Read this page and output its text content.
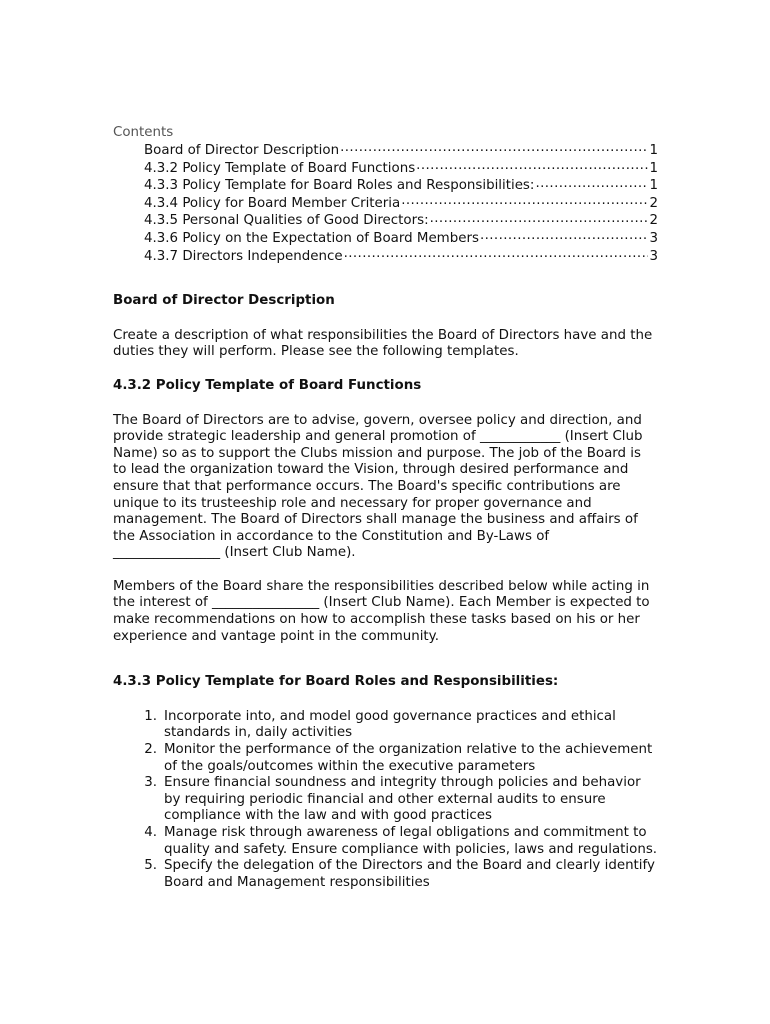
Contents

Board of Director Description .....	1
4.3.2 Policy Template of Board Functions .....	1
4.3.3 Policy Template for Board Roles and Responsibilities: .....	1
4.3.4 Policy for Board Member Criteria .....	2
4.3.5 Personal Qualities of Good Directors: .....	2
4.3.6 Policy on the Expectation of Board Members .....	3
4.3.7 Directors Independence .....	3

Board of Director Description

Create a description of what responsibilities the Board of Directors have and the duties they will perform. Please see the following templates.

4.3.2 Policy Template of Board Functions

The Board of Directors are to advise, govern, oversee policy and direction, and provide strategic leadership and general promotion of ____________ (Insert Club Name) so as to support the Clubs mission and purpose. The job of the Board is to lead the organization toward the Vision, through desired performance and ensure that that performance occurs. The Board's specific contributions are unique to its trusteeship role and necessary for proper governance and management. The Board of Directors shall manage the business and affairs of the Association in accordance to the Constitution and By-Laws of ________________ (Insert Club Name).

Members of the Board share the responsibilities described below while acting in the interest of ________________ (Insert Club Name). Each Member is expected to make recommendations on how to accomplish these tasks based on his or her experience and vantage point in the community.

4.3.3 Policy Template for Board Roles and Responsibilities:

1. Incorporate into, and model good governance practices and ethical standards in, daily activities
2. Monitor the performance of the organization relative to the achievement of the goals/outcomes within the executive parameters
3. Ensure financial soundness and integrity through policies and behavior by requiring periodic financial and other external audits to ensure compliance with the law and with good practices
4. Manage risk through awareness of legal obligations and commitment to quality and safety. Ensure compliance with policies, laws and regulations.
5. Specify the delegation of the Directors and the Board and clearly identify Board and Management responsibilities
